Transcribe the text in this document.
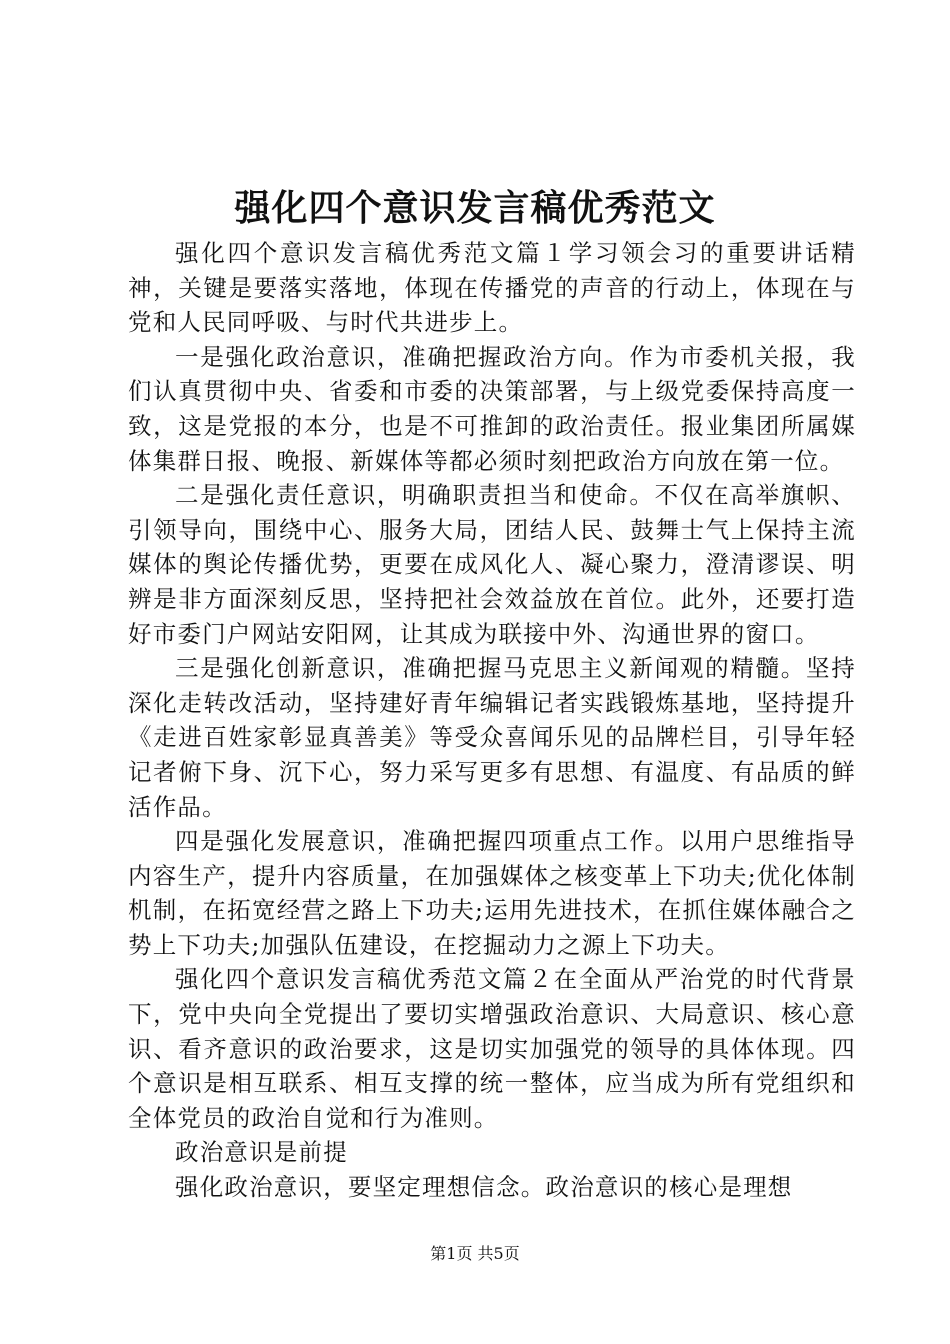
强化四个意识发言稿优秀范文

强化四个意识发言稿优秀范文篇１学习领会习的重要讲话精神，关键是要落实落地，体现在传播党的声音的行动上，体现在与党和人民同呼吸、与时代共进步上。

一是强化政治意识，准确把握政治方向。作为市委机关报，我们认真贯彻中央、省委和市委的决策部署，与上级党委保持高度一致，这是党报的本分，也是不可推卸的政治责任。报业集团所属媒体集群日报、晚报、新媒体等都必须时刻把政治方向放在第一位。

二是强化责任意识，明确职责担当和使命。不仅在高举旗帜、引领导向，围绕中心、服务大局，团结人民、鼓舞士气上保持主流媒体的舆论传播优势，更要在成风化人、凝心聚力，澄清谬误、明辨是非方面深刻反思，坚持把社会效益放在首位。此外，还要打造好市委门户网站安阳网，让其成为联接中外、沟通世界的窗口。

三是强化创新意识，准确把握马克思主义新闻观的精髓。坚持深化走转改活动，坚持建好青年编辑记者实践锻炼基地，坚持提升《走进百姓家彰显真善美》等受众喜闻乐见的品牌栏目，引导年轻记者俯下身、沉下心，努力采写更多有思想、有温度、有品质的鲜活作品。

四是强化发展意识，准确把握四项重点工作。以用户思维指导内容生产，提升内容质量，在加强媒体之核变革上下功夫;优化体制机制，在拓宽经营之路上下功夫;运用先进技术，在抓住媒体融合之势上下功夫;加强队伍建设，在挖掘动力之源上下功夫。

强化四个意识发言稿优秀范文篇２在全面从严治党的时代背景下，党中央向全党提出了要切实增强政治意识、大局意识、核心意识、看齐意识的政治要求，这是切实加强党的领导的具体体现。四个意识是相互联系、相互支撑的统一整体，应当成为所有党组织和全体党员的政治自觉和行为准则。

政治意识是前提

强化政治意识，要坚定理想信念。政治意识的核心是理想

第1页 共5页
